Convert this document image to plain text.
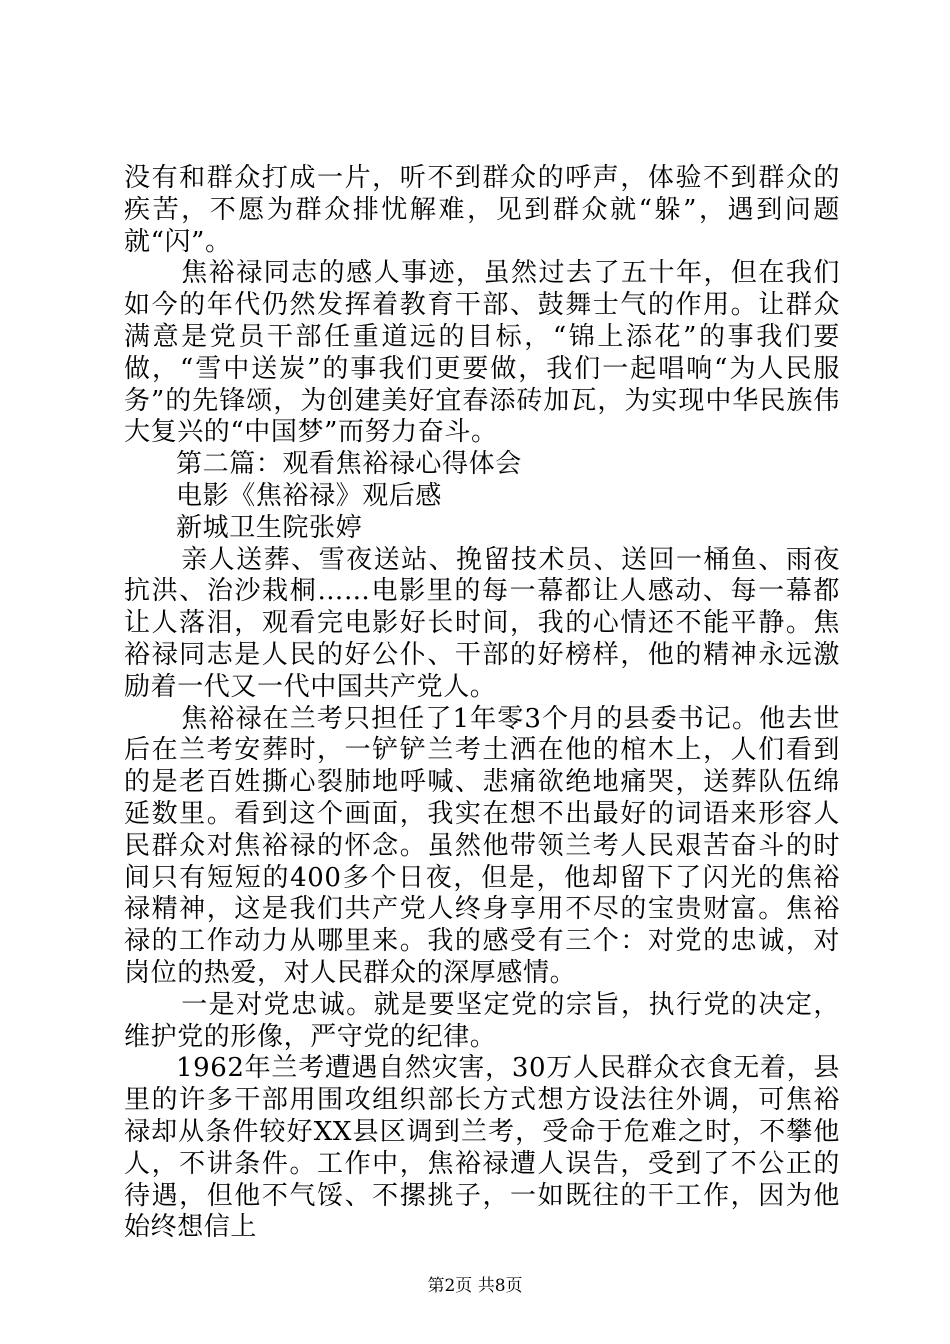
没有和群众打成一片，听不到群众的呼声，体验不到群众的疾苦，不愿为群众排忧解难，见到群众就“躲”，遇到问题就“闪”。

焦裕禄同志的感人事迹，虽然过去了五十年，但在我们如今的年代仍然发挥着教育干部、鼓舞士气的作用。让群众满意是党员干部任重道远的目标，“锦上添花”的事我们要做，“雪中送炭”的事我们更要做，我们一起唱响“为人民服务”的先锋颂，为创建美好宜春添砖加瓦，为实现中华民族伟大复兴的“中国梦”而努力奋斗。

第二篇：观看焦裕禄心得体会

电影《焦裕禄》观后感

新城卫生院张婷

亲人送葬、雪夜送站、挽留技术员、送回一桶鱼、雨夜抗洪、治沙栽桐……电影里的每一幕都让人感动、每一幕都让人落泪，观看完电影好长时间，我的心情还不能平静。焦裕禄同志是人民的好公仆、干部的好榜样，他的精神永远激励着一代又一代中国共产党人。

焦裕禄在兰考只担任了1年零3个月的县委书记。他去世后在兰考安葬时，一铲铲兰考土洒在他的棺木上，人们看到的是老百姓撕心裂肺地呼喊、悲痛欲绝地痛哭，送葬队伍绵延数里。看到这个画面，我实在想不出最好的词语来形容人民群众对焦裕禄的怀念。虽然他带领兰考人民艰苦奋斗的时间只有短短的400多个日夜，但是，他却留下了闪光的焦裕禄精神，这是我们共产党人终身享用不尽的宝贵财富。焦裕禄的工作动力从哪里来。我的感受有三个：对党的忠诚，对岗位的热爱，对人民群众的深厚感情。

一是对党忠诚。就是要坚定党的宗旨，执行党的决定，维护党的形像，严守党的纪律。

1962年兰考遭遇自然灾害，30万人民群众衣食无着，县里的许多干部用围攻组织部长方式想方设法往外调，可焦裕禄却从条件较好XX县区调到兰考，受命于危难之时，不攀他人，不讲条件。工作中，焦裕禄遭人误告，受到了不公正的待遇，但他不气馁、不摞挑子，一如既往的干工作，因为他始终想信上

第2页 共8页
